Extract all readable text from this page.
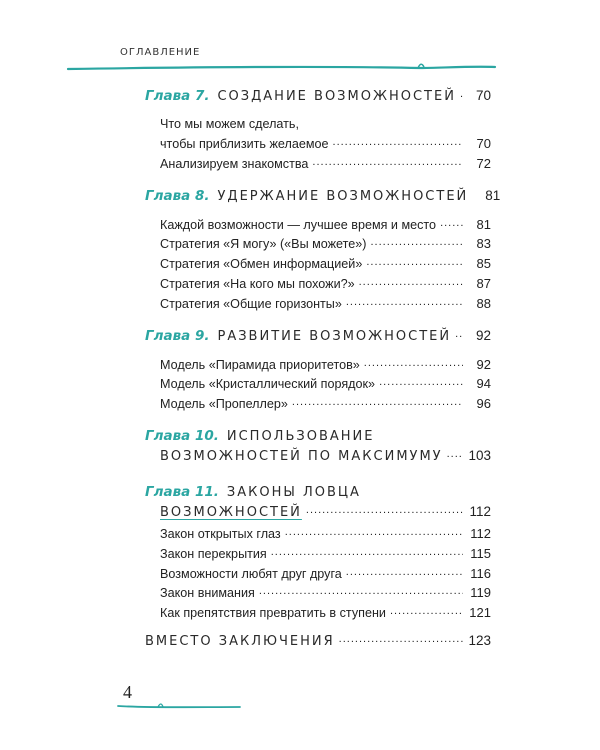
ОГЛАВЛЕНИЕ
Глава 7. СОЗДАНИЕ ВОЗМОЖНОСТЕЙ .....	70
Что мы можем сделать,
чтобы приблизить желаемое .....	70
Анализируем знакомства .....	72
Глава 8. УДЕРЖАНИЕ ВОЗМОЖНОСТЕЙ	81
Каждой возможности — лучшее время и место .....	81
Стратегия «Я могу» («Вы можете») .....	83
Стратегия «Обмен информацией» .....	85
Стратегия «На кого мы похожи?» .....	87
Стратегия «Общие горизонты» .....	88
Глава 9. РАЗВИТИЕ ВОЗМОЖНОСТЕЙ .....	92
Модель «Пирамида приоритетов» .....	92
Модель «Кристаллический порядок» .....	94
Модель «Пропеллер» .....	96
Глава 10. ИСПОЛЬЗОВАНИЕ
ВОЗМОЖНОСТЕЙ ПО МАКСИМУМУ ..... 103
Глава 11. ЗАКОНЫ ЛОВЦА
ВОЗМОЖНОСТЕЙ .....	112
Закон открытых глаз .....	112
Закон перекрытия .....	115
Возможности любят друг друга .....	116
Закон внимания .....	119
Как препятствия превратить в ступени .....	121
ВМЕСТО ЗАКЛЮЧЕНИЯ .....	123
4
